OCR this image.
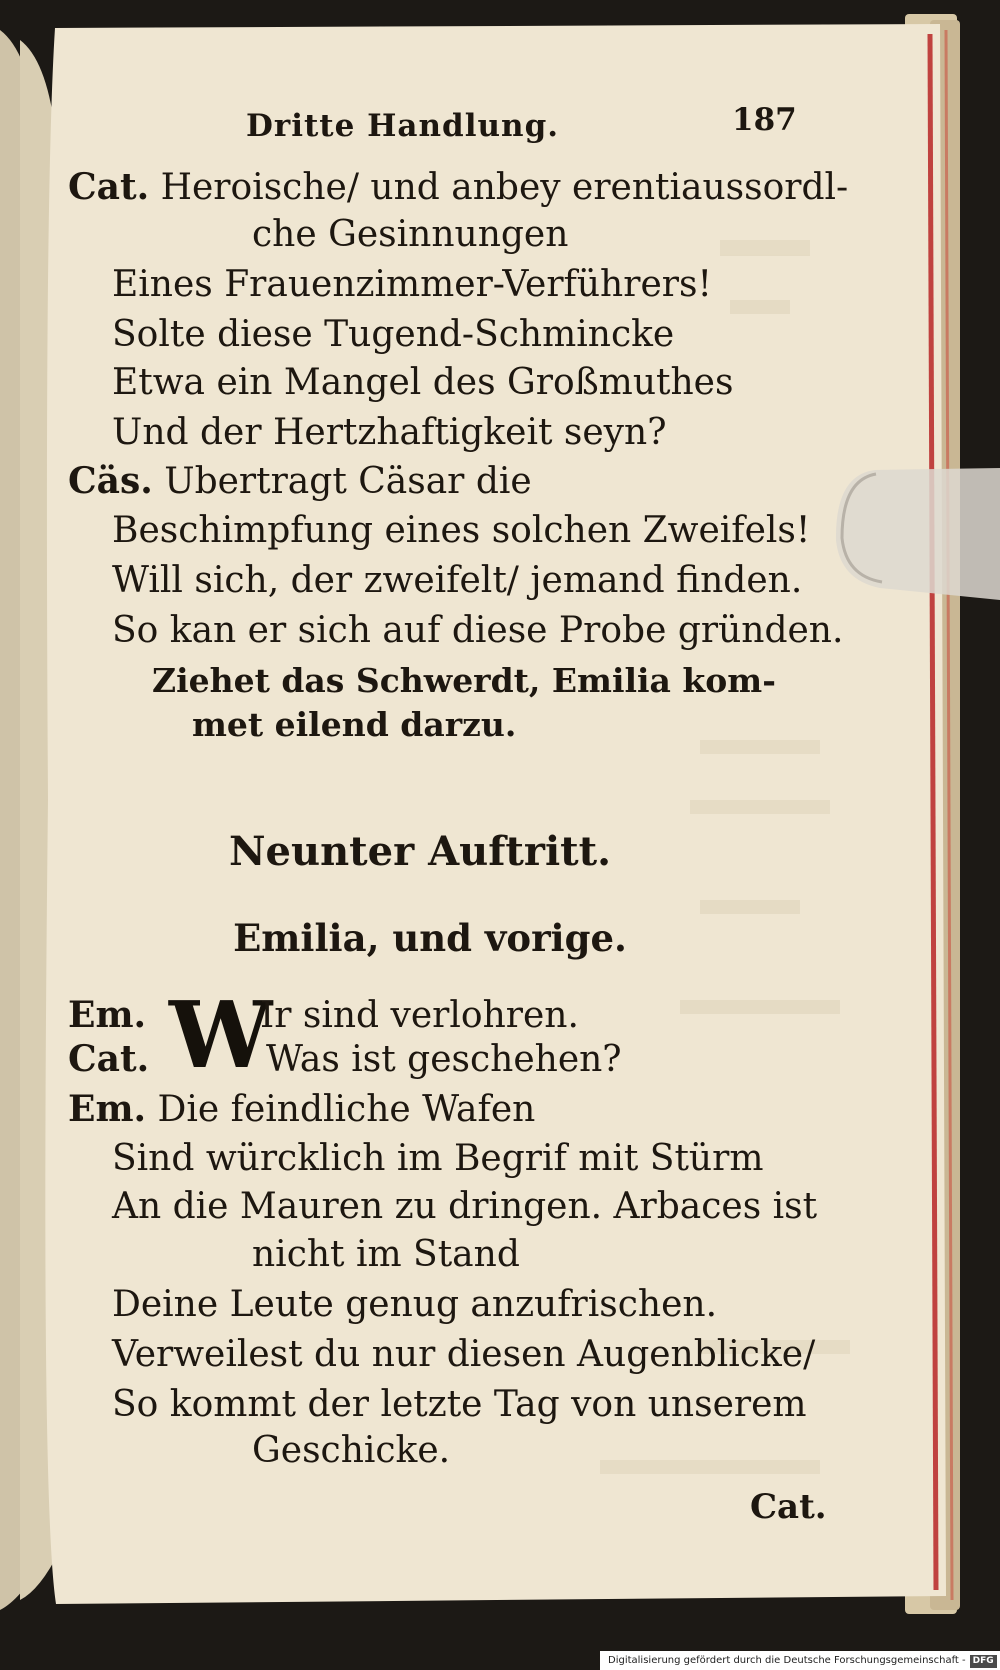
Dritte Handlung.	187
Cat. Heroische/ und anbey erentiaussordl-
che Gesinnungen
Eines Frauenzimmer-Verführers!
Solte diese Tugend-Schmincke
Etwa ein Mangel des Großmuthes
Und der Hertzhaftigkeit seyn?
Cäs. Ubertragt Cäsar die
Beschimpfung eines solchen Zweifels!
Will sich, der zweifelt/ jemand finden.
So kan er sich auf diese Probe gründen.
Ziehet das Schwerdt, Emilia kom-
met eilend darzu.
Neunter Auftritt.
Emilia, und vorige.
W
Em.	Ir sind verlohren.
Cat.	Was ist geschehen?
Em. Die feindliche Wafen
Sind würcklich im Begrif mit Stürm
An die Mauren zu dringen. Arbaces ist
nicht im Stand
Deine Leute genug anzufrischen.
Verweilest du nur diesen Augenblicke/
So kommt der letzte Tag von unserem
Geschicke.
Cat.
Digitalisierung gefördert durch die Deutsche Forschungsgemeinschaft - DFG
